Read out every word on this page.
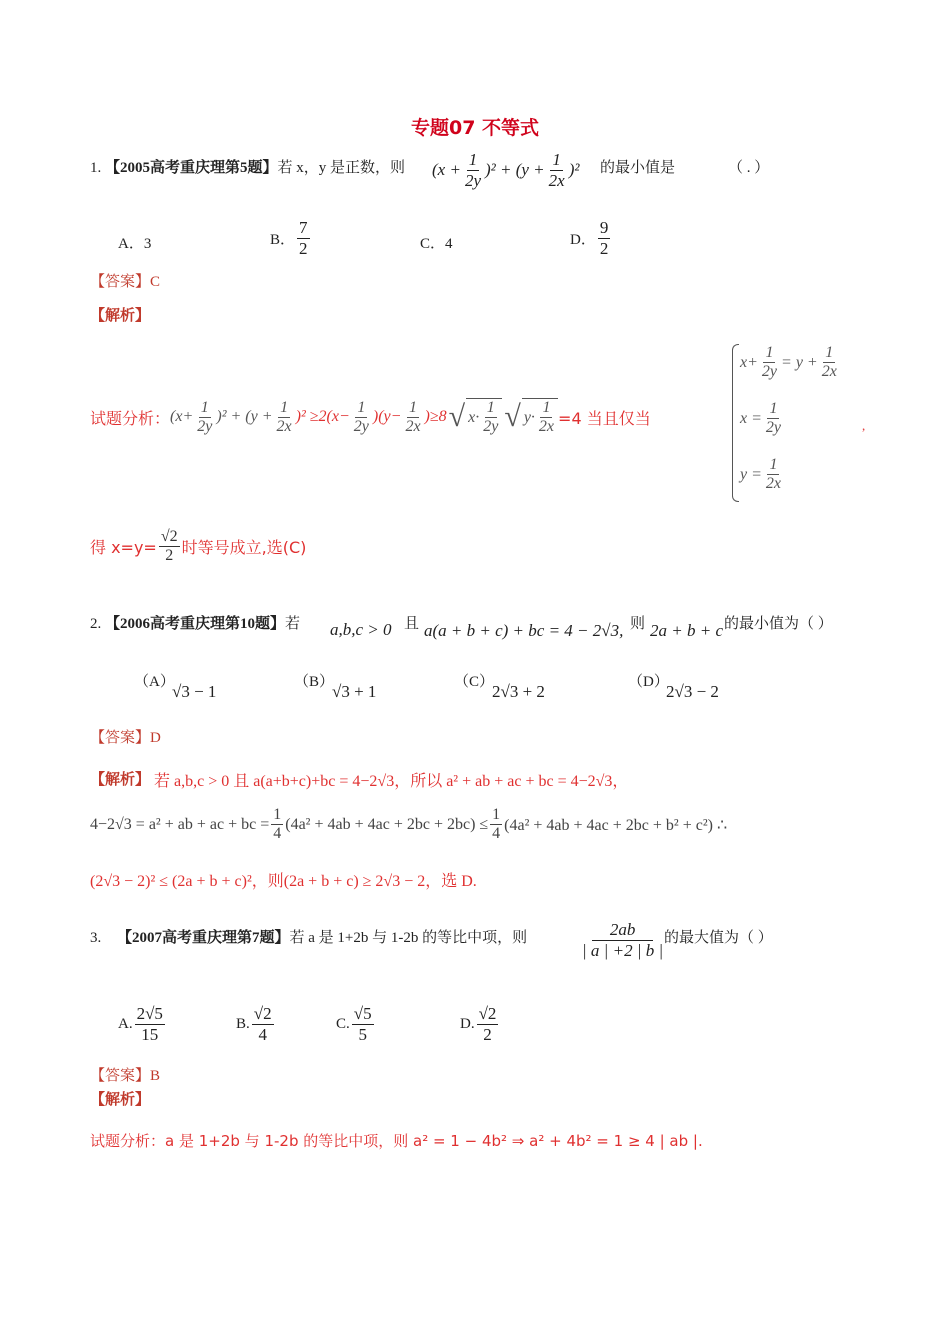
专题07 不等式
1. 【2005高考重庆理第5题】若 x，y 是正数，则 $(x + \frac{1}{2y} )^2 + (y + \frac{1}{2x} )^2$ 的最小值是	（ . ）
A．3	B． $\frac{7}{2}$	C．4	D． $\frac{9}{2}$
【答案】C
【解析】
试题分析： $(x+ \frac{1}{2y} )^2 + (y + \frac{1}{2x} )^2 \ge 2(x- \frac{1}{2y} )(y- \frac{1}{2x} )\ge 8$ √ $x\cdot \frac{1}{2y}$ √ $y\cdot \frac{1}{2x} =4$ 当且仅当
$x+ \frac{1}{2y} = y + \frac{1}{2x}$
$x = \frac{1}{2y}$
$y = \frac{1}{2x}$
,
得 $x=y= \frac{√2}{2}$ 时等号成立,选(C)
2. 【2006高考重庆理第10题】若 a,b,c > 0 且 a(a + b + c) + bc = 4 − 2√3, 则 2a + b + c 的最小值为（ ）
（A）
√3 − 1	（B）
√3 + 1	（C）
2√3 + 2	（D）
2√3 − 2
【答案】D
【解析】 若 a,b,c > 0 且 a(a+b+c)+bc = 4−2√3，所以 a² + ab + ac + bc = 4−2√3，
4−2√3 = a² + ab + ac + bc = $\frac{1}{4} (4a^2 + 4ab + 4ac + 2bc + 2bc) \le \frac{1}{4} (4a^2 + 4ab + 4ac + 2bc + b^2 + c^2)$ ∴
(2√3 − 2)² ≤ (2a + b + c)²，则(2a + b + c) ≥ 2√3 − 2，选 D.
3. 【2007高考重庆理第7题】若 a 是 1+2b 与 1-2b 的等比中项，则	$\frac{2ab}{| a | +2 | b |}$
的最大值为（ ）
A. $\frac{2√5}{15}$	B. $\frac{√2}{4}$	C. $\frac{√5}{5}$	D. $\frac{√2}{2}$
【答案】B
【解析】
试题分析：a 是 1+2b 与 1-2b 的等比中项，则 a² = 1 − 4b² ⇒ a² + 4b² = 1 ≥ 4 | ab |.
